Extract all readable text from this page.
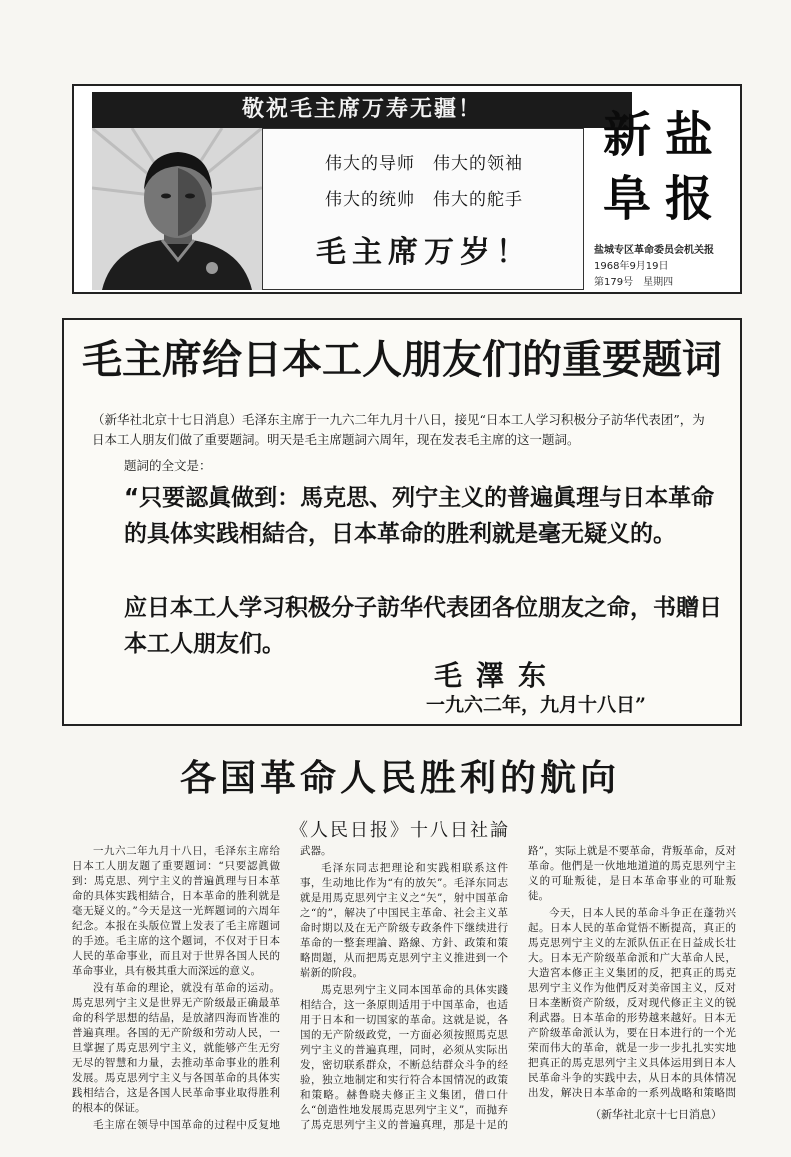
敬祝毛主席万寿无疆！
伟大的导师　伟大的领袖
伟大的统帅　伟大的舵手
毛主席万岁！
新 盐
阜 报
盐城专区革命委员会机关报
1968年9月19日
第179号　星期四
毛主席给日本工人朋友们的重要题词
（新华社北京十七日消息）毛泽东主席于一九六二年九月十八日，接见“日本工人学习积极分子訪华代表团”，为日本工人朋友们做了重要题詞。明天是毛主席题詞六周年，现在发表毛主席的这一题詞。
题詞的全文是：
“只要認眞做到：馬克思、列宁主义的普遍眞理与日本革命的具体实践相結合，日本革命的胜利就是毫无疑义的。
应日本工人学习积极分子訪华代表团各位朋友之命，书贈日本工人朋友们。
毛澤东
一九六二年，九月十八日”
各国革命人民胜利的航向
《人民日报》十八日社論

一九六二年九月十八日，毛泽东主席给日本工人朋友题了重要题词：“只要認眞做到：馬克思、列宁主义的普遍眞理与日本革命的具体实践相結合，日本革命的胜利就是毫无疑义的。”今天是这一光辉题词的六周年纪念。本报在头版位置上发表了毛主席题词的手迹。毛主席的这个题词，不仅对于日本人民的革命事业，而且对于世界各国人民的革命事业，具有极其重大而深远的意义。

没有革命的理论，就没有革命的运动。馬克思列宁主义是世界无产阶级最正确最革命的科学思想的结晶，是放諸四海而皆准的普遍真理。各国的无产阶级和劳动人民，一旦掌握了馬克思列宁主义，就能够产生无穷无尽的智慧和力量，去推动革命事业的胜利发展。馬克思列宁主义与各国革命的具体实践相结合，这是各国人民革命事业取得胜利的根本的保证。

毛主席在领导中国革命的过程中反复地

武器。

毛泽东同志把理论和实践相联系这件事，生动地比作为“有的放矢”。毛泽东同志就是用馬克思列宁主义之“矢”，射中国革命之“的”，解决了中国民主革命、社会主义革命时期以及在无产阶级专政条件下继续进行革命的一整套理論、路線、方針、政策和策略問題，从而把馬克思列宁主义推进到一个崭新的阶段。

馬克思列宁主义同本国革命的具体实踐相结合，这一条原則适用于中国革命，也适用于日本和一切国家的革命。这就是说，各国的无产阶级政党，一方面必须按照馬克思列宁主义的普遍真理，同时，必须从实际出发，密切联系群众，不断总结群众斗争的经验，独立地制定和实行符合本国情况的政策和策略。赫鲁晓夫修正主义集团，借口什么“创造性地发展馬克思列宁主义”，而抛弃了馬克思列宁主义的普遍真理，那是十足的

路”，实际上就是不要革命，背叛革命，反对革命。他們是一伙地地道道的馬克思列宁主义的可耻叛徒，是日本革命事业的可耻叛徒。

今天，日本人民的革命斗争正在蓬勃兴起。日本人民的革命覚悟不断提高，真正的馬克思列宁主义的左派队伍正在日益成长壮大。日本无产阶级革命派和广大革命人民，大造宮本修正主义集团的反，把真正的馬克思列宁主义作为他們反对美帝国主义，反对日本垄断资产阶级，反对现代修正主义的锐利武器。日本革命的形势越来越好。日本无产阶级革命派认为，要在日本进行的一个光荣而伟大的革命，就是一步一步扎扎实实地把真正的馬克思列宁主义具体运用到日本人民革命斗争的实践中去，从日本的具体情况出发，解决日本革命的一系列战略和策略問

（新华社北京十七日消息）
